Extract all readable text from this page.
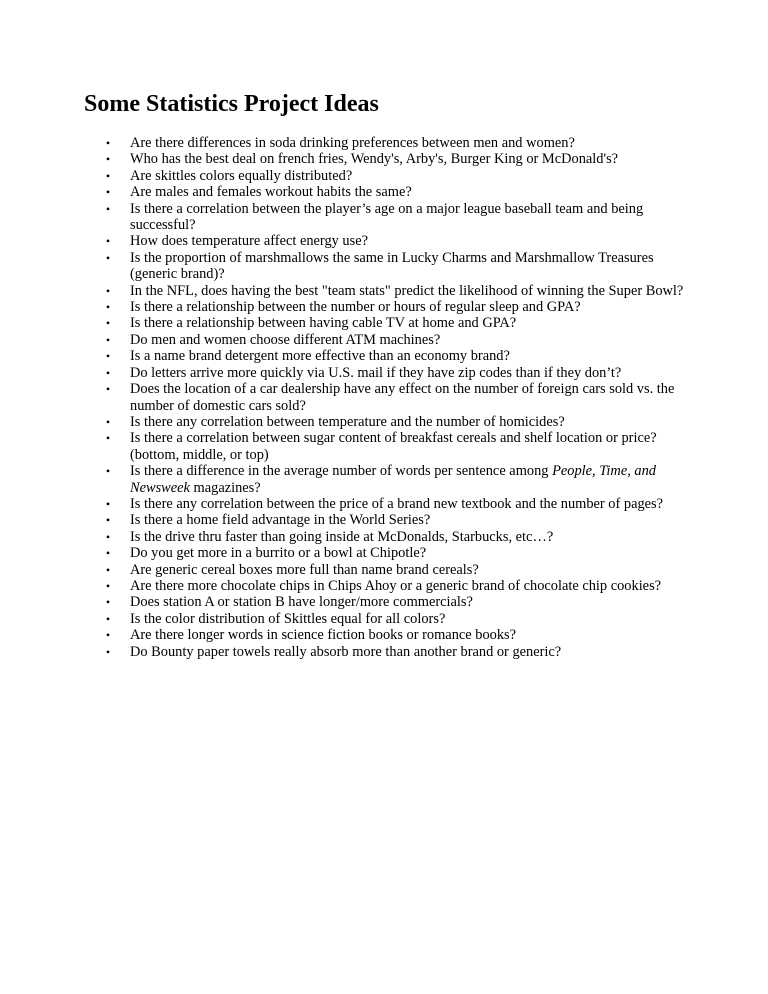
Some Statistics Project Ideas
•
Are there differences in soda drinking preferences between men and women?
•
Who has the best deal on french fries, Wendy's, Arby's, Burger King or McDonald's?
•
Are skittles colors equally distributed?
•
Are males and females workout habits the same?
•
Is there a correlation between the player’s age on a major league baseball team and being successful?
•
How does temperature affect energy use?
•
Is the proportion of marshmallows the same in Lucky Charms and Marshmallow Treasures (generic brand)?
•
In the NFL, does having the best "team stats" predict the likelihood of winning the Super Bowl?
•
Is there a relationship between the number or hours of regular sleep and GPA?
•
Is there a relationship between having cable TV at home and GPA?
•
Do men and women choose different ATM machines?
•
Is a name brand detergent more effective than an economy brand?
•
Do letters arrive more quickly via U.S. mail if they have zip codes than if they don’t?
•
Does the location of a car dealership have any effect on the number of foreign cars sold vs. the number of domestic cars sold?
•
Is there any correlation between temperature and the number of homicides?
•
Is there a correlation between sugar content of breakfast cereals and shelf location or price? (bottom, middle, or top)
•
Is there a difference in the average number of words per sentence among People, Time, and Newsweek magazines?
•
Is there any correlation between the price of a brand new textbook and the number of pages?
•
Is there a home field advantage in the World Series?
•
Is the drive thru faster than going inside at McDonalds, Starbucks, etc…?
•
Do you get more in a burrito or a bowl at Chipotle?
•
Are generic cereal boxes more full than name brand cereals?
•
Are there more chocolate chips in Chips Ahoy or a generic brand of chocolate chip cookies?
•
Does station A or station B have longer/more commercials?
•
Is the color distribution of Skittles equal for all colors?
•
Are there longer words in science fiction books or romance books?
•
Do Bounty paper towels really absorb more than another brand or generic?
